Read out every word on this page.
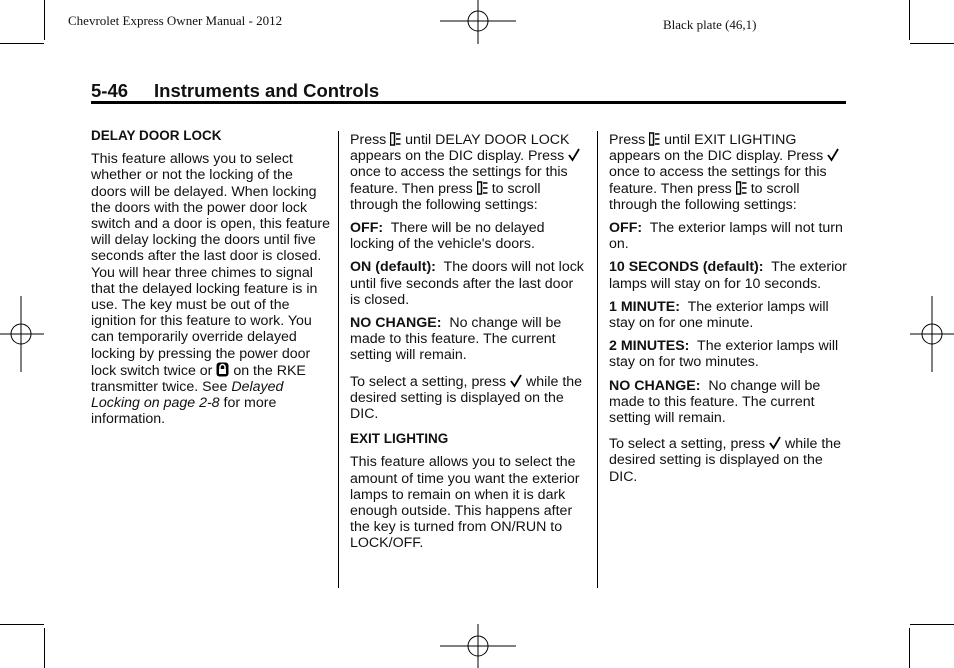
Chevrolet Express Owner Manual - 2012	Black plate (46,1)
5-46 Instruments and Controls

DELAY DOOR LOCK

This feature allows you to select whether or not the locking of the doors will be delayed. When locking the doors with the power door lock switch and a door is open, this feature will delay locking the doors until five seconds after the last door is closed. You will hear three chimes to signal that the delayed locking feature is in use. The key must be out of the ignition for this feature to work. You can temporarily override delayed locking by pressing the power door lock switch twice or on the RKE transmitter twice. See Delayed Locking on page 2-8 for more information.

Press until DELAY DOOR LOCK appears on the DIC display. Press  once to access the settings for this feature. Then press to scroll through the following settings:

OFF: There will be no delayed locking of the vehicle's doors.

ON (default): The doors will not lock until five seconds after the last door is closed.

NO CHANGE: No change will be made to this feature. The current setting will remain.

To select a setting, press while the desired setting is displayed on the DIC.

EXIT LIGHTING

This feature allows you to select the amount of time you want the exterior lamps to remain on when it is dark enough outside. This happens after the key is turned from ON/RUN to LOCK/OFF.

Press until EXIT LIGHTING appears on the DIC display. Press  once to access the settings for this feature. Then press to scroll through the following settings:

OFF: The exterior lamps will not turn on.

10 SECONDS (default): The exterior lamps will stay on for 10 seconds.

1 MINUTE: The exterior lamps will stay on for one minute.

2 MINUTES: The exterior lamps will stay on for two minutes.

NO CHANGE: No change will be made to this feature. The current setting will remain.

To select a setting, press while the desired setting is displayed on the DIC.
